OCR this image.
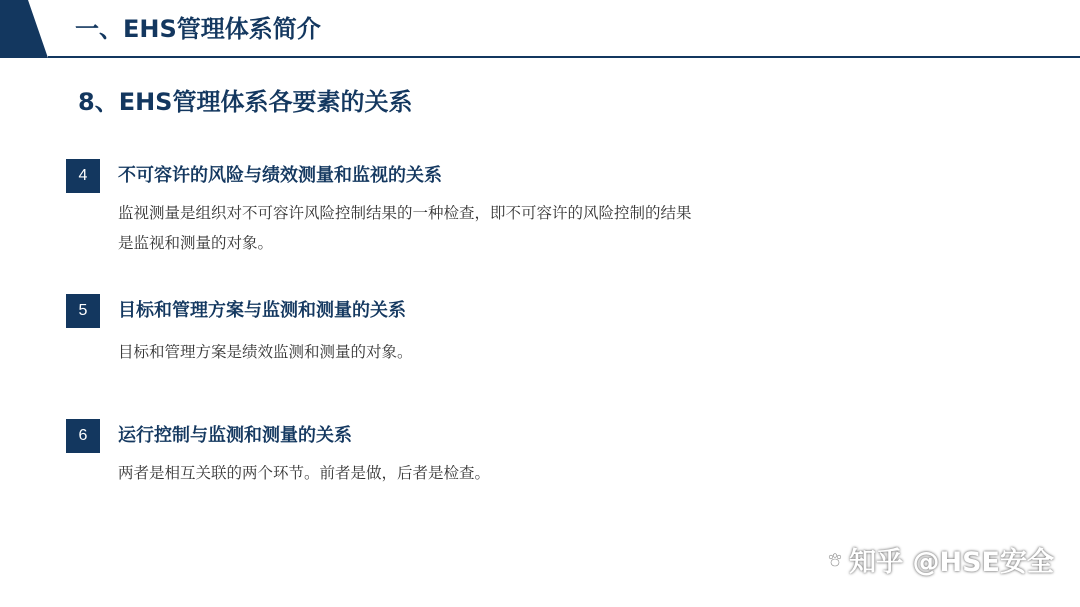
一、EHS管理体系简介
8、EHS管理体系各要素的关系
4	不可容许的风险与绩效测量和监视的关系
监视测量是组织对不可容许风险控制结果的一种检查，即不可容许的风险控制的结果
是监视和测量的对象。
5	目标和管理方案与监测和测量的关系
目标和管理方案是绩效监测和测量的对象。
6	运行控制与监测和测量的关系
两者是相互关联的两个环节。前者是做，后者是检查。
知乎 @HSE安全
